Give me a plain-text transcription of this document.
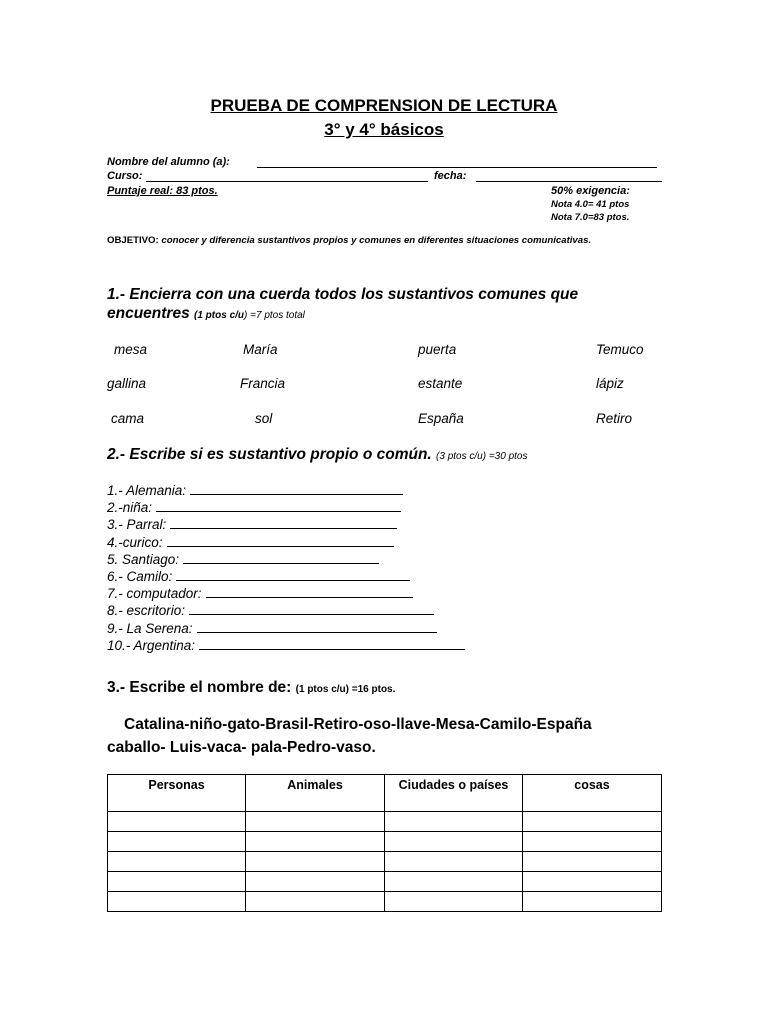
PRUEBA DE COMPRENSION DE LECTURA
3° y 4° básicos
Nombre del alumno (a):
Curso:	fecha:
Puntaje real: 83 ptos.	50% exigencia:
Nota 4.0= 41 ptos
Nota 7.0=83 ptos.
OBJETIVO: conocer y diferencia sustantivos propios y comunes en diferentes situaciones comunicativas.
1.- Encierra con una cuerda todos los sustantivos comunes que
encuentres (1 ptos c/u) =7 ptos total
mesa	María	puerta	Temuco
gallina	Francia	estante	lápiz
cama	sol	España	Retiro
2.- Escribe si es sustantivo propio o común. (3 ptos c/u) =30 ptos
1.- Alemania:
2.-niña:
3.- Parral:
4.-curico:
5. Santiago:
6.- Camilo:
7.- computador:
8.- escritorio:
9.- La Serena:
10.- Argentina:
3.- Escribe el nombre de: (1 ptos c/u) =16 ptos.
Catalina-niño-gato-Brasil-Retiro-oso-llave-Mesa-Camilo-España
caballo- Luis-vaca- pala-Pedro-vaso.
Personas	Animales	Ciudades o países	cosas
